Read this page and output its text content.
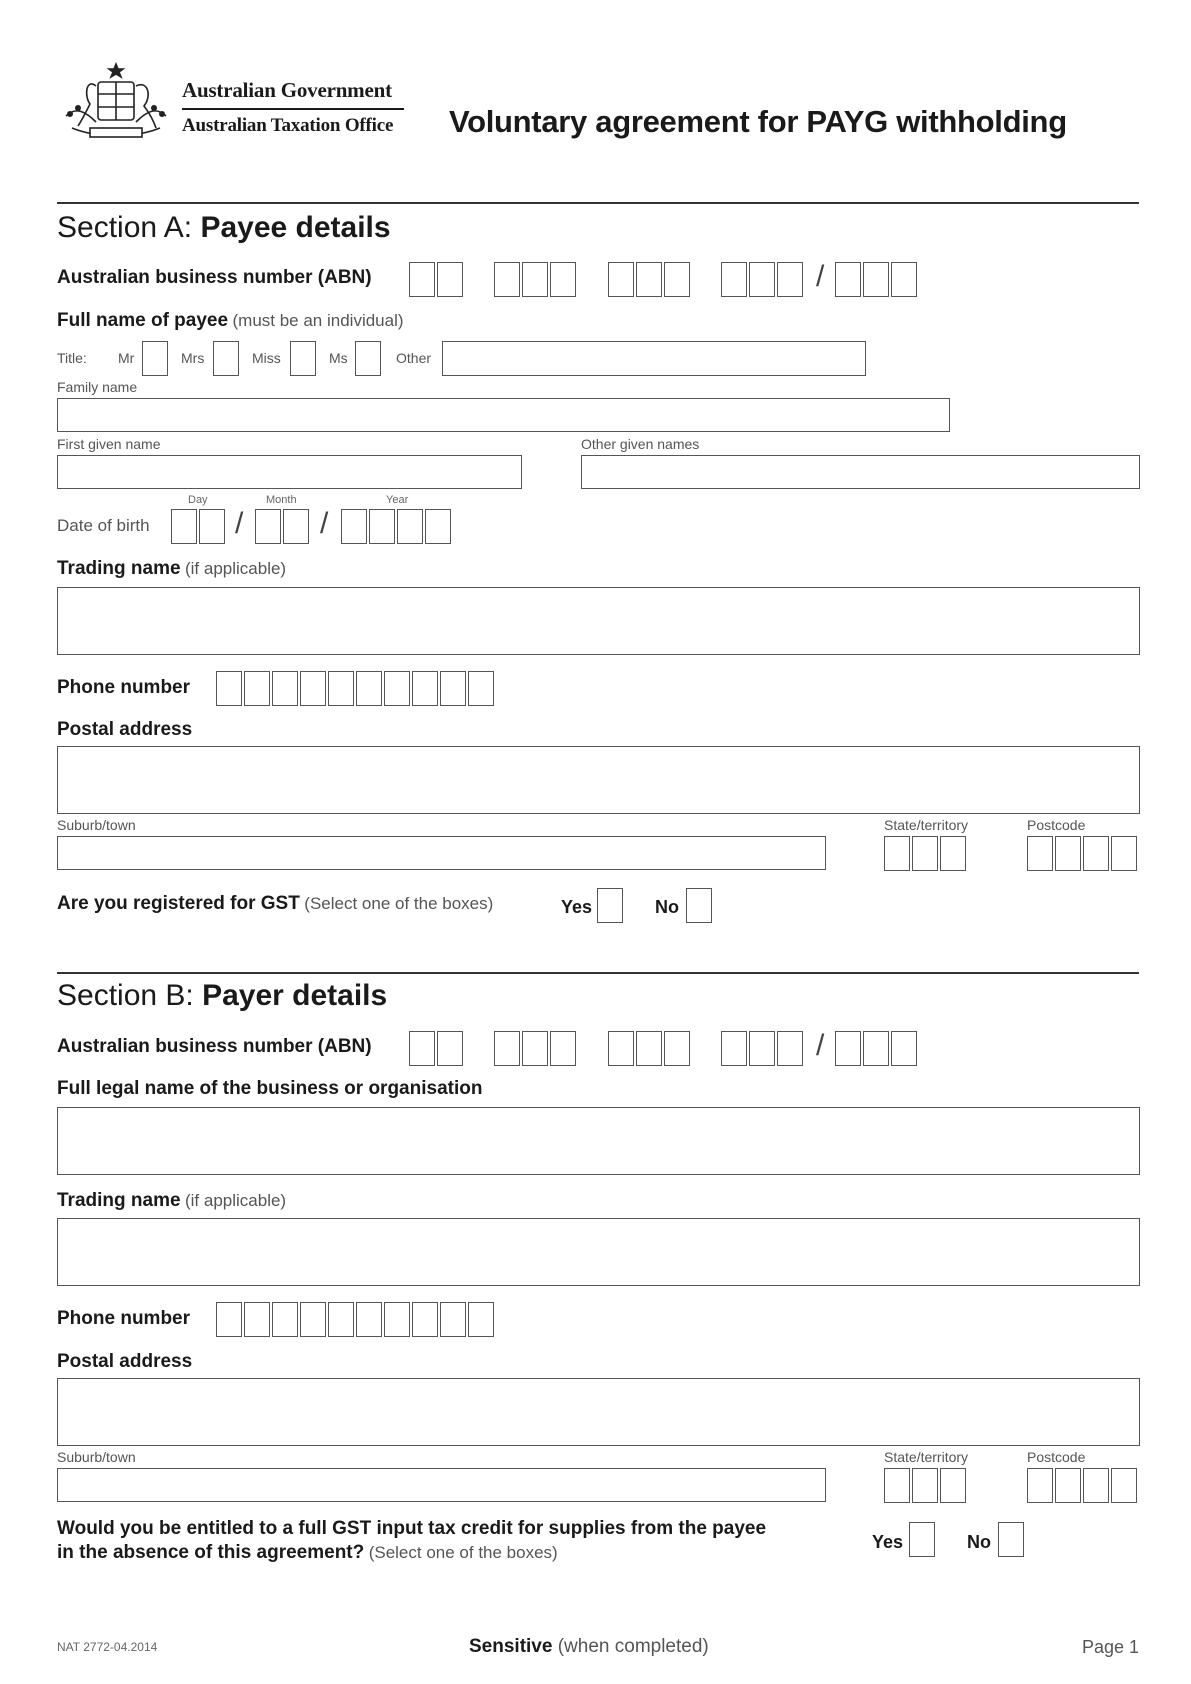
Australian Government
Australian Taxation Office Voluntary agreement for PAYG withholding
Section A: Payee details
Australian business number (ABN)	/
Full name of payee (must be an individual)
Title: Mr	Mrs	Miss	Ms	Other
Family name
First given name	Other given names
Day	Month	Year
Date of birth	/	/
Trading name (if applicable)
Phone number
Postal address
Suburb/town	State/territory	Postcode
Are you registered for GST (Select one of the boxes)	Yes	No
Section B: Payer details
Australian business number (ABN)	/
Full legal name of the business or organisation
Trading name (if applicable)
Phone number
Postal address
Suburb/town	State/territory	Postcode
Would you be entitled to a full GST input tax credit for supplies from the payee
in the absence of this agreement? (Select one of the boxes)
Yes	No
NAT 2772-04.2014	Sensitive (when completed)	Page 1
